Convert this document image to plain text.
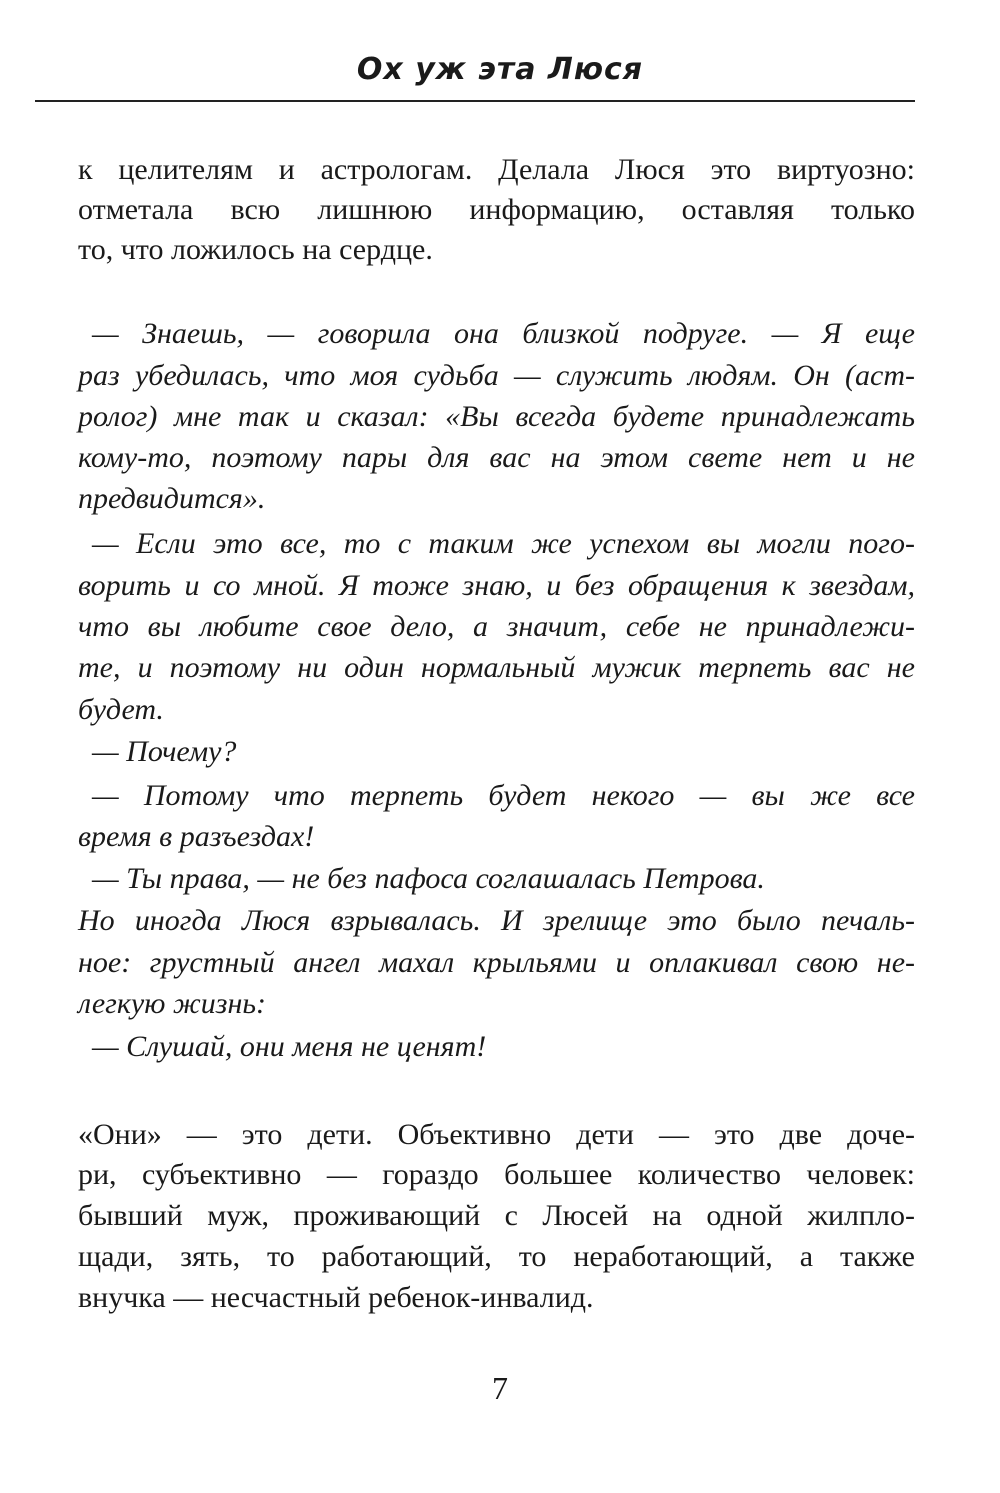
Ох уж эта Люся
к целителям и астрологам. Делала Люся это виртуозно:
отметала всю лишнюю информацию, оставляя только
то, что ложилось на сердце.
— Знаешь, — говорила она близкой подруге. — Я еще
раз убедилась, что моя судьба — служить людям. Он (аст-
ролог) мне так и сказал: «Вы всегда будете принадлежать
кому-то, поэтому пары для вас на этом свете нет и не
предвидится».
— Если это все, то с таким же успехом вы могли пого-
ворить и со мной. Я тоже знаю, и без обращения к звездам,
что вы любите свое дело, а значит, себе не принадлежи-
те, и поэтому ни один нормальный мужик терпеть вас не
будет.
— Почему?
— Потому что терпеть будет некого — вы же все
время в разъездах!
— Ты права, — не без пафоса соглашалась Петрова.
Но иногда Люся взрывалась. И зрелище это было печаль-
ное: грустный ангел махал крыльями и оплакивал свою не-
легкую жизнь:
— Слушай, они меня не ценят!
«Они» — это дети. Объективно дети — это две доче-
ри, субъективно — гораздо большее количество человек:
бывший муж, проживающий с Люсей на одной жилпло-
щади, зять, то работающий, то неработающий, а также
внучка — несчастный ребенок-инвалид.
7
